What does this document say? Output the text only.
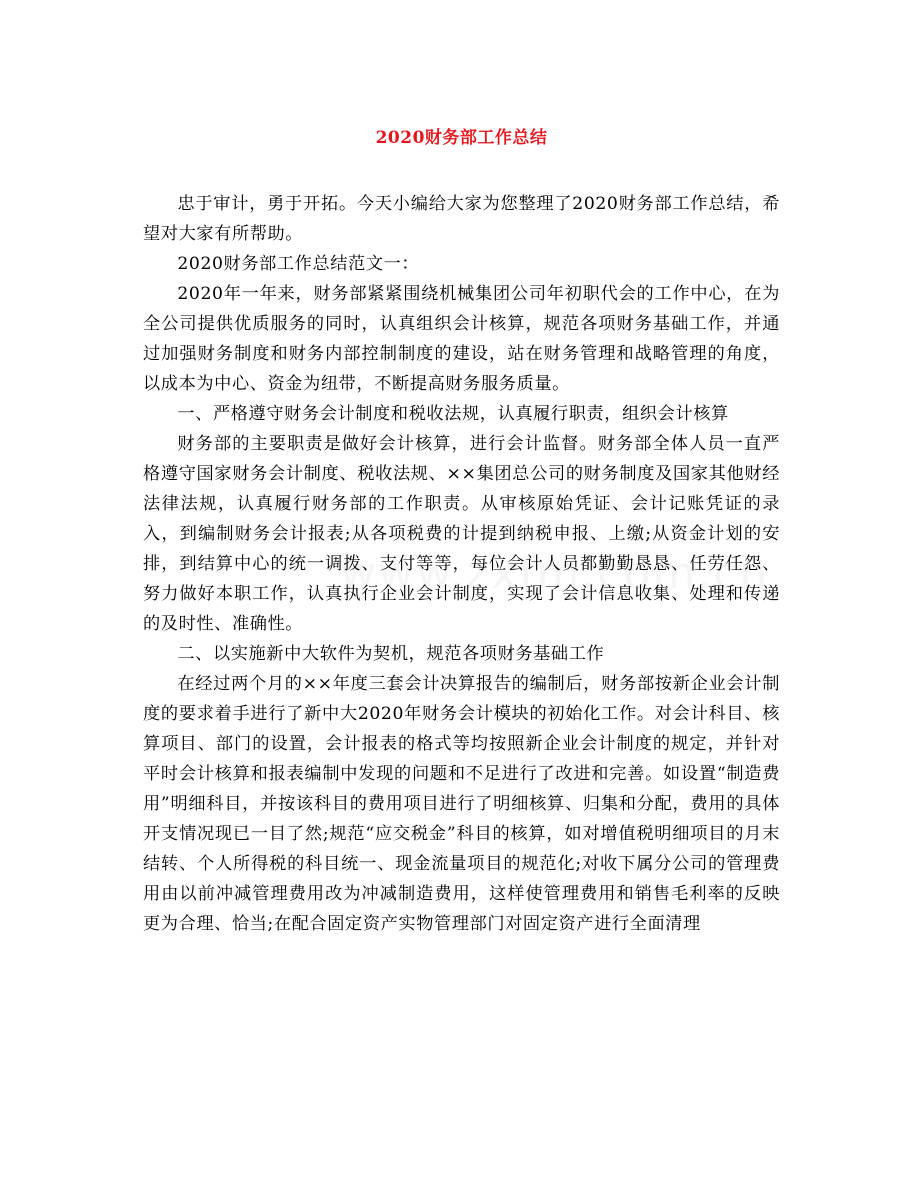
2020财务部工作总结

忠于审计，勇于开拓。今天小编给大家为您整理了2020财务部工作总结，希望对大家有所帮助。

2020财务部工作总结范文一：

2020年一年来，财务部紧紧围绕机械集团公司年初职代会的工作中心，在为全公司提供优质服务的同时，认真组织会计核算，规范各项财务基础工作，并通过加强财务制度和财务内部控制制度的建设，站在财务管理和战略管理的角度，以成本为中心、资金为纽带，不断提高财务服务质量。

一、严格遵守财务会计制度和税收法规，认真履行职责，组织会计核算

财务部的主要职责是做好会计核算，进行会计监督。财务部全体人员一直严格遵守国家财务会计制度、税收法规、××集团总公司的财务制度及国家其他财经法律法规，认真履行财务部的工作职责。从审核原始凭证、会计记账凭证的录入，到编制财务会计报表;从各项税费的计提到纳税申报、上缴;从资金计划的安排，到结算中心的统一调拨、支付等等，每位会计人员都勤勤恳恳、任劳任怨、努力做好本职工作，认真执行企业会计制度，实现了会计信息收集、处理和传递的及时性、准确性。

二、以实施新中大软件为契机，规范各项财务基础工作

在经过两个月的××年度三套会计决算报告的编制后，财务部按新企业会计制度的要求着手进行了新中大2020年财务会计模块的初始化工作。对会计科目、核算项目、部门的设置，会计报表的格式等均按照新企业会计制度的规定，并针对平时会计核算和报表编制中发现的问题和不足进行了改进和完善。如设置“制造费用”明细科目，并按该科目的费用项目进行了明细核算、归集和分配，费用的具体开支情况现已一目了然;规范“应交税金”科目的核算，如对增值税明细项目的月末结转、个人所得税的科目统一、现金流量项目的规范化;对收下属分公司的管理费用由以前冲减管理费用改为冲减制造费用，这样使管理费用和销售毛利率的反映更为合理、恰当;在配合固定资产实物管理部门对固定资产进行全面清理
